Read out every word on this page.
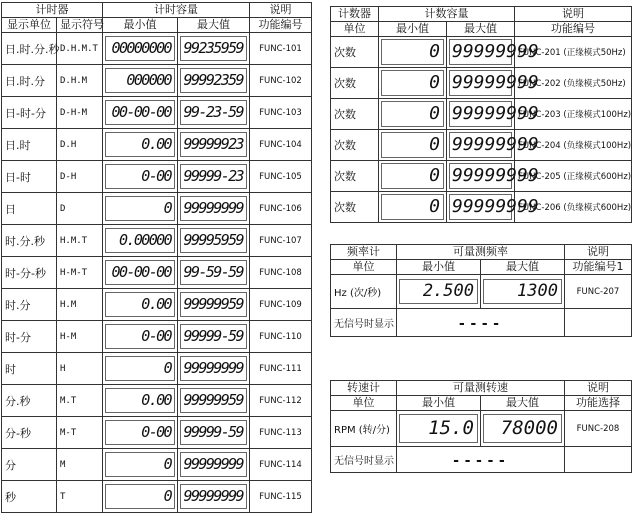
计时器		计时容量		说明
显示单位	显示符号	最小值	最大值	功能编号
日.时.分.秒	D.H.M.T	00000000	99235959	FUNC-101
日.时.分	D.H.M	000000	99992359	FUNC-102
日-时-分	D-H-M	00-00-00	99-23-59	FUNC-103
日.时	D.H	0.00	99999923	FUNC-104
日-时	D-H	0-00	99999-23	FUNC-105
日	D	0	99999999	FUNC-106
时.分.秒	H.M.T	0.00000	99995959	FUNC-107
时-分-秒	H-M-T	00-00-00	99-59-59	FUNC-108
时.分	H.M	0.00	99999959	FUNC-109
时-分	H-M	0-00	99999-59	FUNC-110
时	H	0	99999999	FUNC-111
分.秒	M.T	0.00	99999959	FUNC-112
分-秒	M-T	0-00	99999-59	FUNC-113
分	M	0	99999999	FUNC-114
秒	T	0	99999999	FUNC-115
计数器	计数容量		说明
单位	最小值	最大值	功能编号
次数	0	99999999	FUNC-201 (正缘模式50Hz)
次数	0	99999999	FUNC-202 (负缘模式50Hz)
次数	0	99999999	FUNC-203 (正缘模式100Hz)
次数	0	99999999	FUNC-204 (负缘模式100Hz)
次数	0	99999999	FUNC-205 (正缘模式600Hz)
次数	0	99999999	FUNC-206 (负缘模式600Hz)
频率计	可量测频率		说明
单位	最小值	最大值	功能编号1
Hz (次/秒)	2.500	1300	FUNC-207
无信号时显示	----		
转速计	可量测转速		说明
单位	最小值	最大值	功能选择
RPM (转/分)	15.0	78000	FUNC-208
无信号时显示	-----		
